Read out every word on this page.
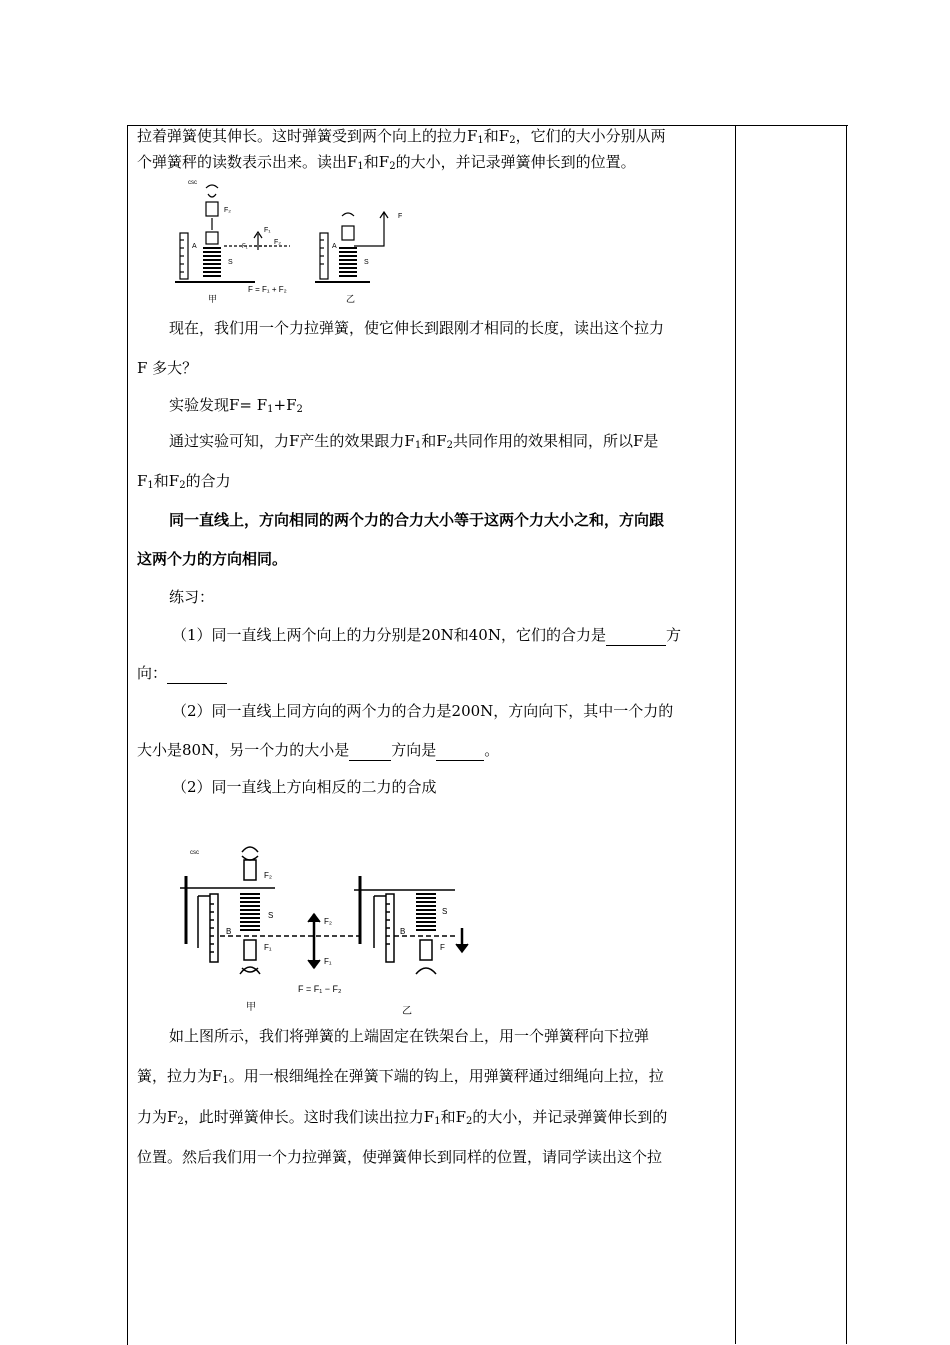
拉着弹簧使其伸长。这时弹簧受到两个向上的拉力$F_1$和$F_2$，它们的大小分别从两
个弹簧秤的读数表示出来。读出$F_1$和$F_2$的大小，并记录弹簧伸长到的位置。
csc
F₂
F₁
F₂
A	A
S	S
F
F₁
F = F₁ + F₂
甲	乙
现在，我们用一个力拉弹簧，使它伸长到跟刚才相同的长度，读出这个拉力
F 多大？
实验发现$F= F_1+F_2$
通过实验可知，力F产生的效果跟力$F_1$和$F_2$共同作用的效果相同，所以F是
$F_1$和$F_2$的合力
同一直线上，方向相同的两个力的合力大小等于这两个力大小之和，方向跟
这两个力的方向相同。
练习：
（1）同一直线上两个向上的力分别是20N和40N，它们的合力是	方
向：
（2）同一直线上同方向的两个力的合力是200N，方向向下，其中一个力的
大小是80N，另一个力的大小是	方向是	。
（2）同一直线上方向相反的二力的合成
csc
F₂
F₁
S	S
B	B
F₂
F₁
F
F = F₁ − F₂
甲	乙
如上图所示，我们将弹簧的上端固定在铁架台上，用一个弹簧秤向下拉弹
簧，拉力为$F_1$。用一根细绳拴在弹簧下端的钩上，用弹簧秤通过细绳向上拉，拉
力为$F_2$，此时弹簧伸长。这时我们读出拉力$F_1$和$F_2$的大小，并记录弹簧伸长到的
位置。然后我们用一个力拉弹簧，使弹簧伸长到同样的位置，请同学读出这个拉
